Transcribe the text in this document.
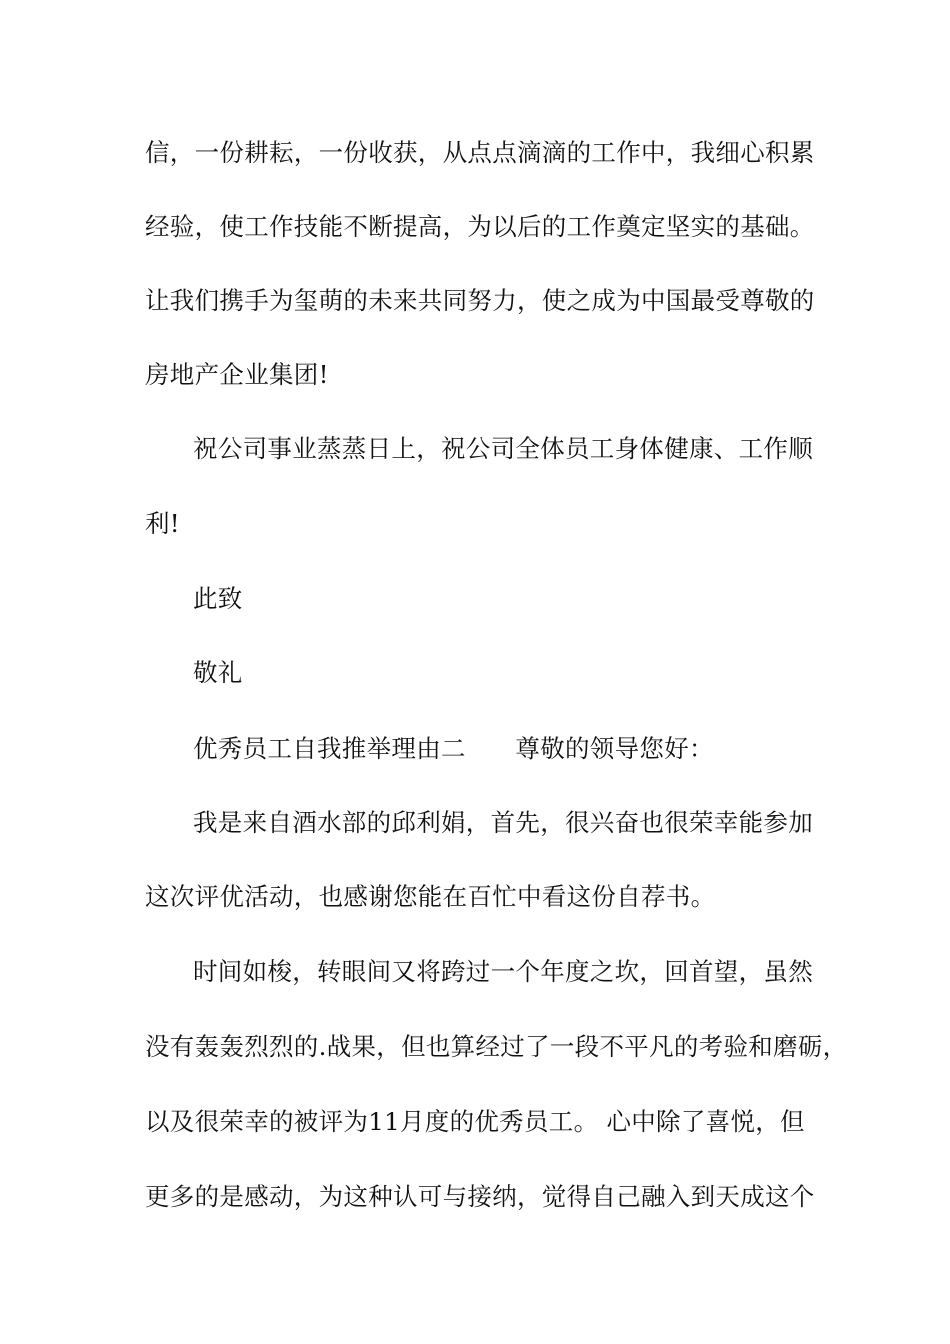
信，一份耕耘，一份收获，从点点滴滴的工作中，我细心积累
经验，使工作技能不断提高，为以后的工作奠定坚实的基础。
让我们携手为玺萌的未来共同努力，使之成为中国最受尊敬的
房地产企业集团!
祝公司事业蒸蒸日上，祝公司全体员工身体健康、工作顺
利!
此致
敬礼
优秀员工自我推举理由二　　尊敬的领导您好：
我是来自酒水部的邱利娟，首先，很兴奋也很荣幸能参加
这次评优活动，也感谢您能在百忙中看这份自荐书。
时间如梭，转眼间又将跨过一个年度之坎，回首望，虽然
没有轰轰烈烈的.战果，但也算经过了一段不平凡的考验和磨砺，
以及很荣幸的被评为11月度的优秀员工。 心中除了喜悦，但
更多的是感动，为这种认可与接纳，觉得自己融入到天成这个
